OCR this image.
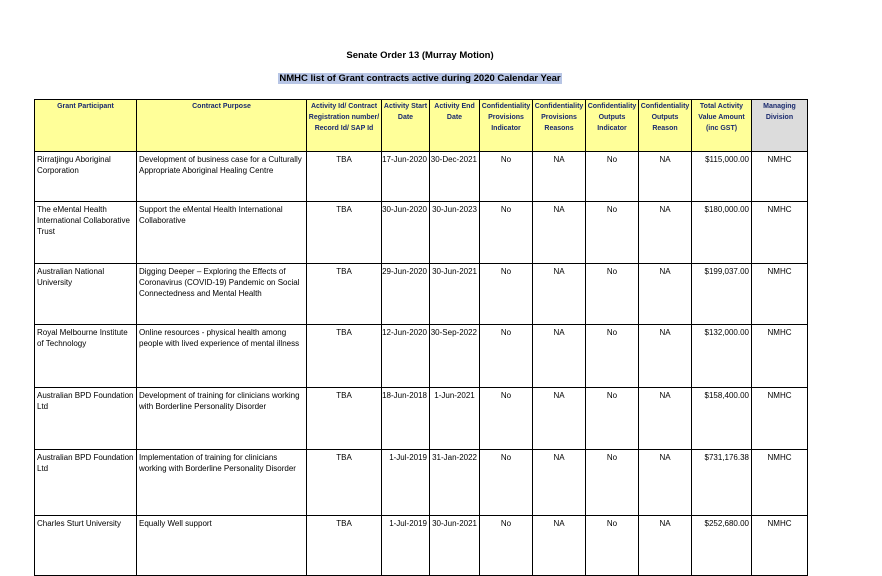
Senate Order 13 (Murray Motion)
NMHC list of Grant contracts active during 2020 Calendar Year
Grant Participant	Contract Purpose	Activity Id/ Contract Registration number/ Record Id/ SAP Id	Activity Start Date	Activity End Date	Confidentiality Provisions Indicator	Confidentiality Provisions Reasons	Confidentiality Outputs Indicator	Confidentiality Outputs Reason	Total Activity Value Amount (inc GST)	Managing Division
Rirratjingu Aboriginal Corporation	Development of business case for a Culturally Appropriate Aboriginal Healing Centre	TBA	17-Jun-2020	30-Dec-2021	No	NA	No	NA	$115,000.00	NMHC
The eMental Health International Collaborative Trust	Support the eMental Health International Collaborative	TBA	30-Jun-2020	30-Jun-2023	No	NA	No	NA	$180,000.00	NMHC
Australian National University	Digging Deeper – Exploring the Effects of Coronavirus (COVID-19) Pandemic on Social Connectedness and Mental Health	TBA	29-Jun-2020	30-Jun-2021	No	NA	No	NA	$199,037.00	NMHC
Royal Melbourne Institute of Technology	Online resources - physical health among people with lived experience of mental illness	TBA	12-Jun-2020	30-Sep-2022	No	NA	No	NA	$132,000.00	NMHC
Australian BPD Foundation Ltd	Development of training for clinicians working with Borderline Personality Disorder	TBA	18-Jun-2018	1-Jun-2021	No	NA	No	NA	$158,400.00	NMHC
Australian BPD Foundation Ltd	Implementation of training for clinicians working with Borderline Personality Disorder	TBA	1-Jul-2019	31-Jan-2022	No	NA	No	NA	$731,176.38	NMHC
Charles Sturt University	Equally Well support	TBA	1-Jul-2019	30-Jun-2021	No	NA	No	NA	$252,680.00	NMHC
